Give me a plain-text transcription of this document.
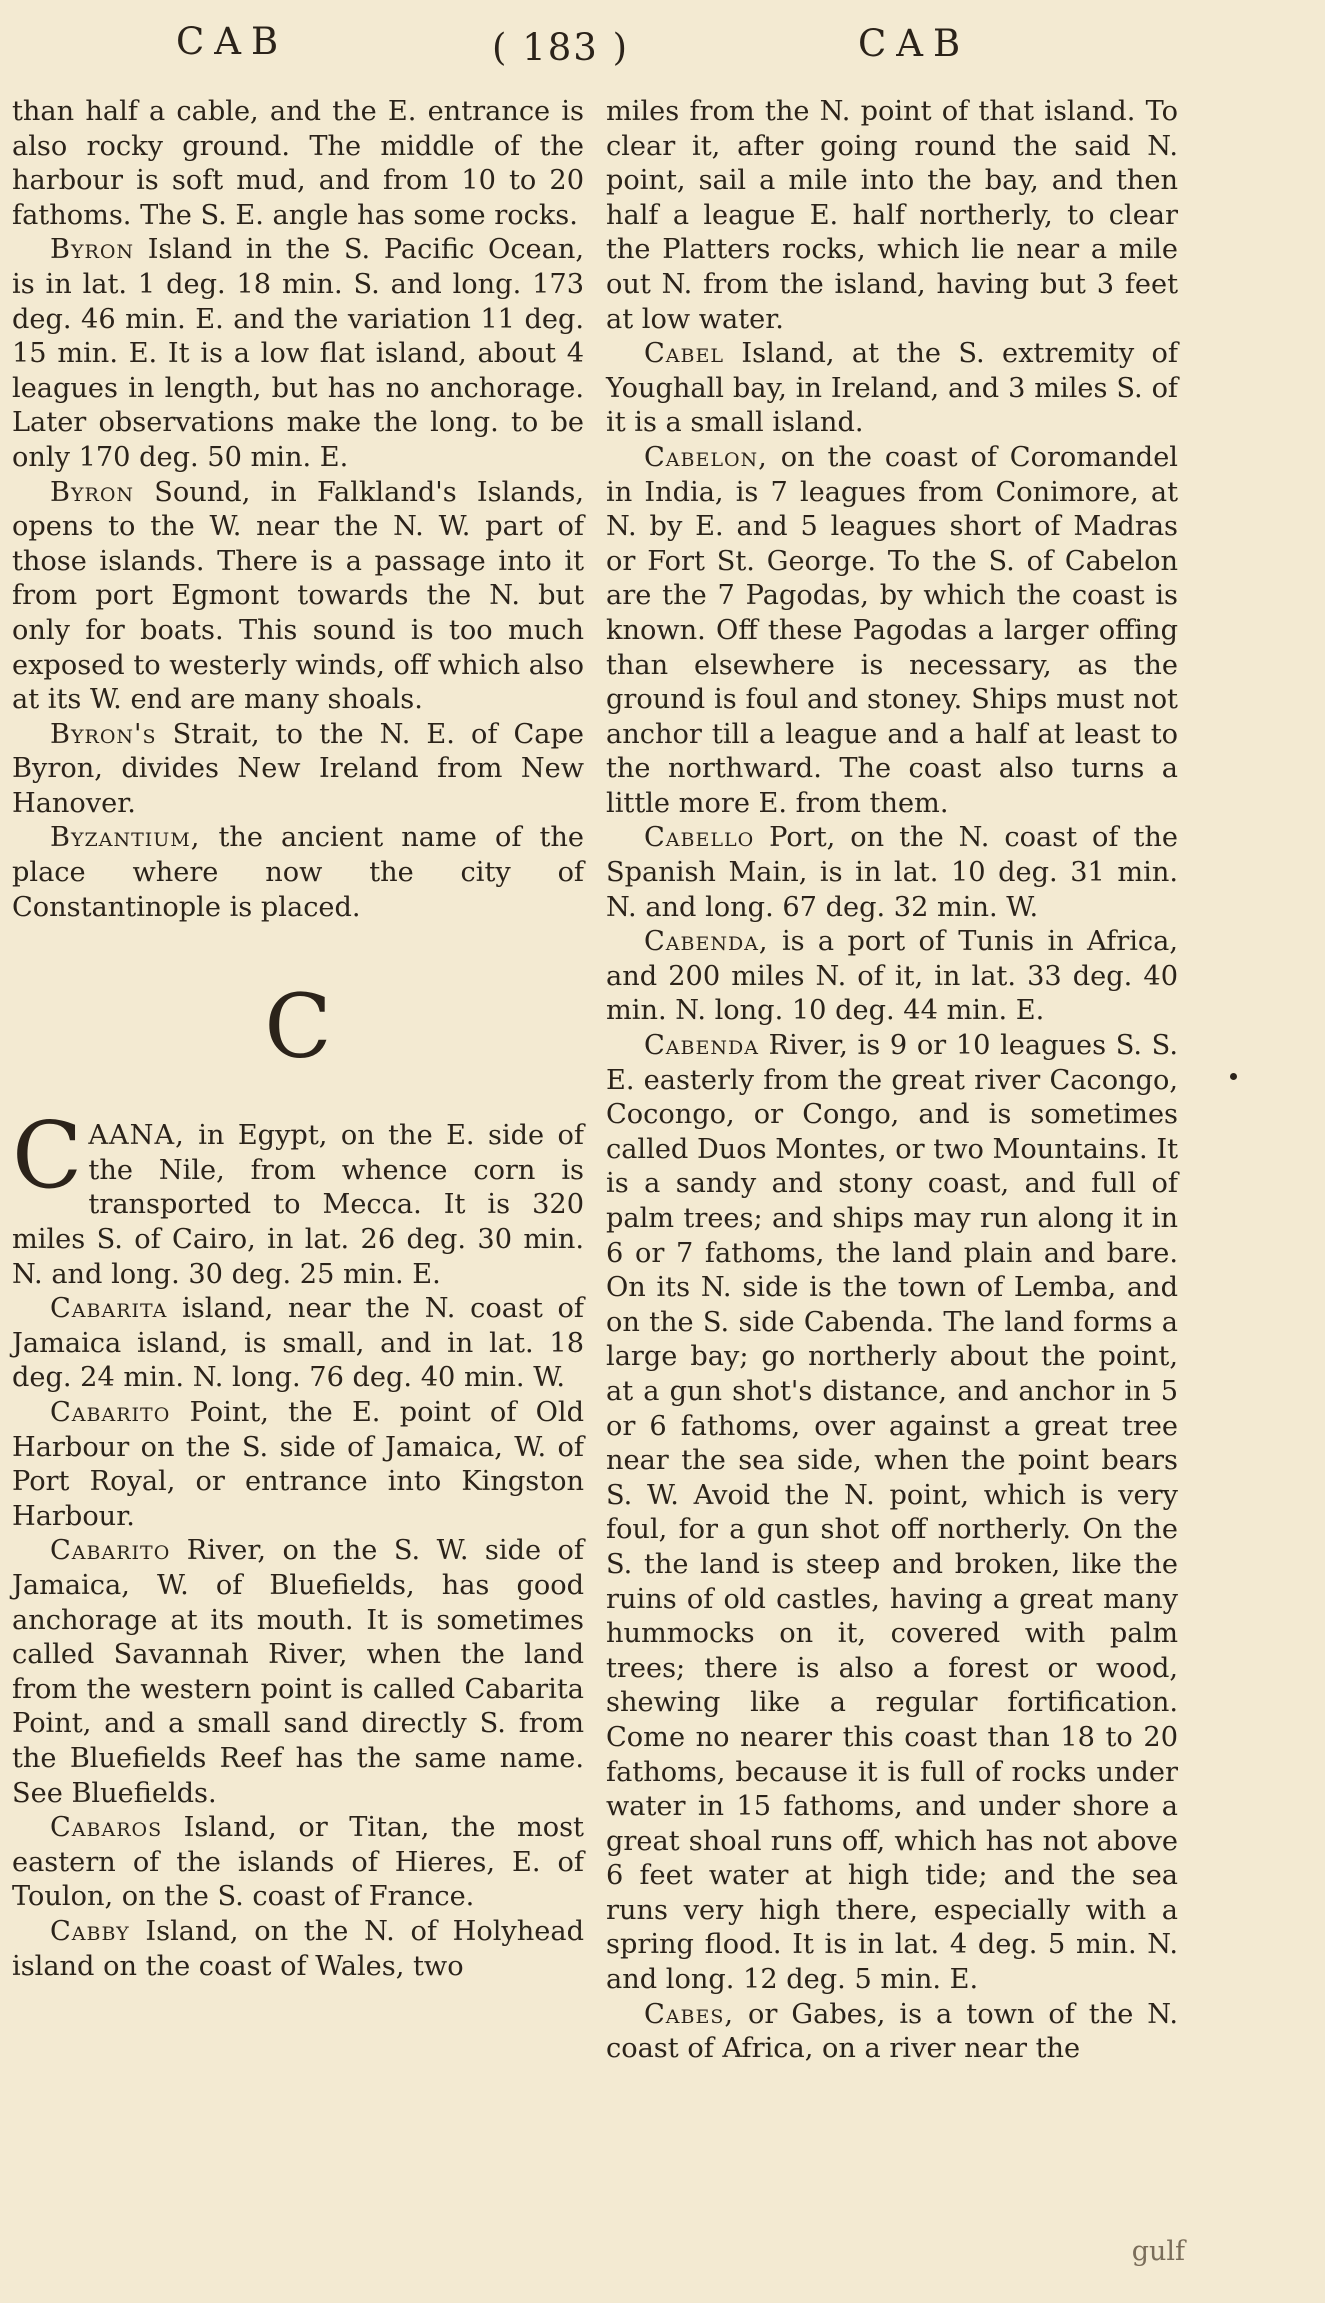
CAB	( 183 )	CAB

than half a cable, and the E. entrance is also rocky ground. The middle of the harbour is soft mud, and from 10 to 20 fathoms. The S. E. angle has some rocks.

Byron Island in the S. Pacific Ocean, is in lat. 1 deg. 18 min. S. and long. 173 deg. 46 min. E. and the variation 11 deg. 15 min. E. It is a low flat island, about 4 leagues in length, but has no anchorage. Later observations make the long. to be only 170 deg. 50 min. E.

Byron Sound, in Falkland's Islands, opens to the W. near the N. W. part of those islands. There is a passage into it from port Egmont towards the N. but only for boats. This sound is too much exposed to westerly winds, off which also at its W. end are many shoals.

Byron's Strait, to the N. E. of Cape Byron, divides New Ireland from New Hanover.

Byzantium, the ancient name of the place where now the city of Constantinople is placed.

C

C AANA, in Egypt, on the E. side of the Nile, from whence corn is transported to Mecca. It is 320 miles S. of Cairo, in lat. 26 deg. 30 min. N. and long. 30 deg. 25 min. E.

Cabarita island, near the N. coast of Jamaica island, is small, and in lat. 18 deg. 24 min. N. long. 76 deg. 40 min. W.

Cabarito Point, the E. point of Old Harbour on the S. side of Jamaica, W. of Port Royal, or entrance into Kingston Harbour.

Cabarito River, on the S. W. side of Jamaica, W. of Bluefields, has good anchorage at its mouth. It is sometimes called Savannah River, when the land from the western point is called Cabarita Point, and a small sand directly S. from the Bluefields Reef has the same name. See Bluefields.

Cabaros Island, or Titan, the most eastern of the islands of Hieres, E. of Toulon, on the S. coast of France.

Cabby Island, on the N. of Holyhead island on the coast of Wales, two

miles from the N. point of that island. To clear it, after going round the said N. point, sail a mile into the bay, and then half a league E. half northerly, to clear the Platters rocks, which lie near a mile out N. from the island, having but 3 feet at low water.

Cabel Island, at the S. extremity of Youghall bay, in Ireland, and 3 miles S. of it is a small island.

Cabelon, on the coast of Coromandel in India, is 7 leagues from Conimore, at N. by E. and 5 leagues short of Madras or Fort St. George. To the S. of Cabelon are the 7 Pagodas, by which the coast is known. Off these Pagodas a larger offing than elsewhere is necessary, as the ground is foul and stoney. Ships must not anchor till a league and a half at least to the northward. The coast also turns a little more E. from them.

Cabello Port, on the N. coast of the Spanish Main, is in lat. 10 deg. 31 min. N. and long. 67 deg. 32 min. W.

Cabenda, is a port of Tunis in Africa, and 200 miles N. of it, in lat. 33 deg. 40 min. N. long. 10 deg. 44 min. E.

Cabenda River, is 9 or 10 leagues S. S. E. easterly from the great river Cacongo, Cocongo, or Congo, and is sometimes called Duos Montes, or two Mountains. It is a sandy and stony coast, and full of palm trees; and ships may run along it in 6 or 7 fathoms, the land plain and bare. On its N. side is the town of Lemba, and on the S. side Cabenda. The land forms a large bay; go northerly about the point, at a gun shot's distance, and anchor in 5 or 6 fathoms, over against a great tree near the sea side, when the point bears S. W. Avoid the N. point, which is very foul, for a gun shot off northerly. On the S. the land is steep and broken, like the ruins of old castles, having a great many hummocks on it, covered with palm trees; there is also a forest or wood, shewing like a regular fortification. Come no nearer this coast than 18 to 20 fathoms, because it is full of rocks under water in 15 fathoms, and under shore a great shoal runs off, which has not above 6 feet water at high tide; and the sea runs very high there, especially with a spring flood. It is in lat. 4 deg. 5 min. N. and long. 12 deg. 5 min. E.

Cabes, or Gabes, is a town of the N. coast of Africa, on a river near the

gulf
